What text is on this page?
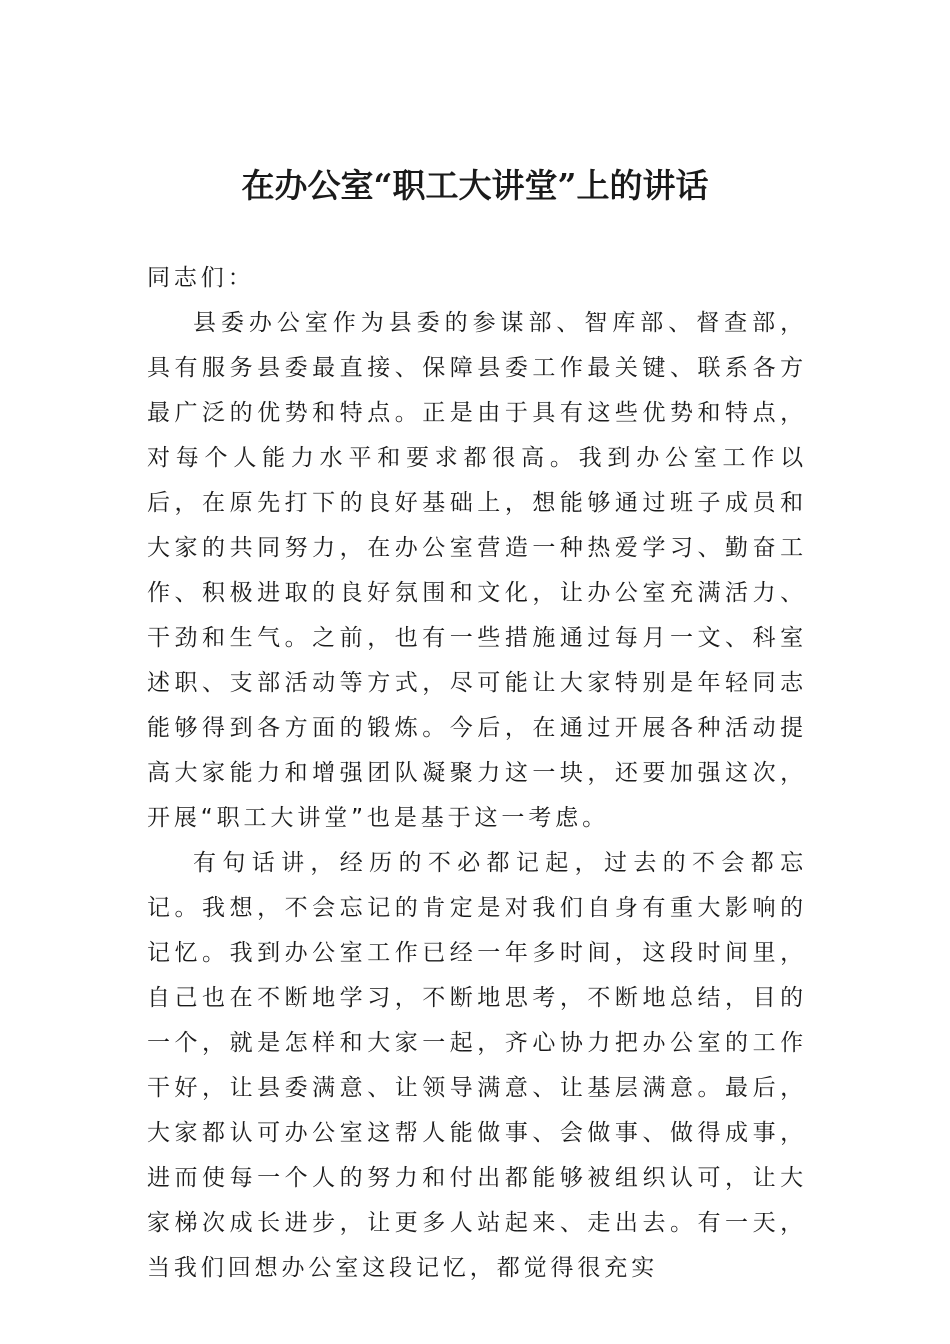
在办公室“职工大讲堂”上的讲话

同志们：

县委办公室作为县委的参谋部、智库部、督查部，具有服务县委最直接、保障县委工作最关键、联系各方最广泛的优势和特点。正是由于具有这些优势和特点，对每个人能力水平和要求都很高。我到办公室工作以后，在原先打下的良好基础上，想能够通过班子成员和大家的共同努力，在办公室营造一种热爱学习、勤奋工作、积极进取的良好氛围和文化，让办公室充满活力、干劲和生气。之前，也有一些措施通过每月一文、科室述职、支部活动等方式，尽可能让大家特别是年轻同志能够得到各方面的锻炼。今后，在通过开展各种活动提高大家能力和增强团队凝聚力这一块，还要加强这次，开展“职工大讲堂”也是基于这一考虑。

有句话讲，经历的不必都记起，过去的不会都忘记。我想，不会忘记的肯定是对我们自身有重大影响的记忆。我到办公室工作已经一年多时间，这段时间里，自己也在不断地学习，不断地思考，不断地总结，目的一个，就是怎样和大家一起，齐心协力把办公室的工作干好，让县委满意、让领导满意、让基层满意。最后，大家都认可办公室这帮人能做事、会做事、做得成事，进而使每一个人的努力和付出都能够被组织认可，让大家梯次成长进步，让更多人站起来、走出去。有一天，当我们回想办公室这段记忆，都觉得很充实
